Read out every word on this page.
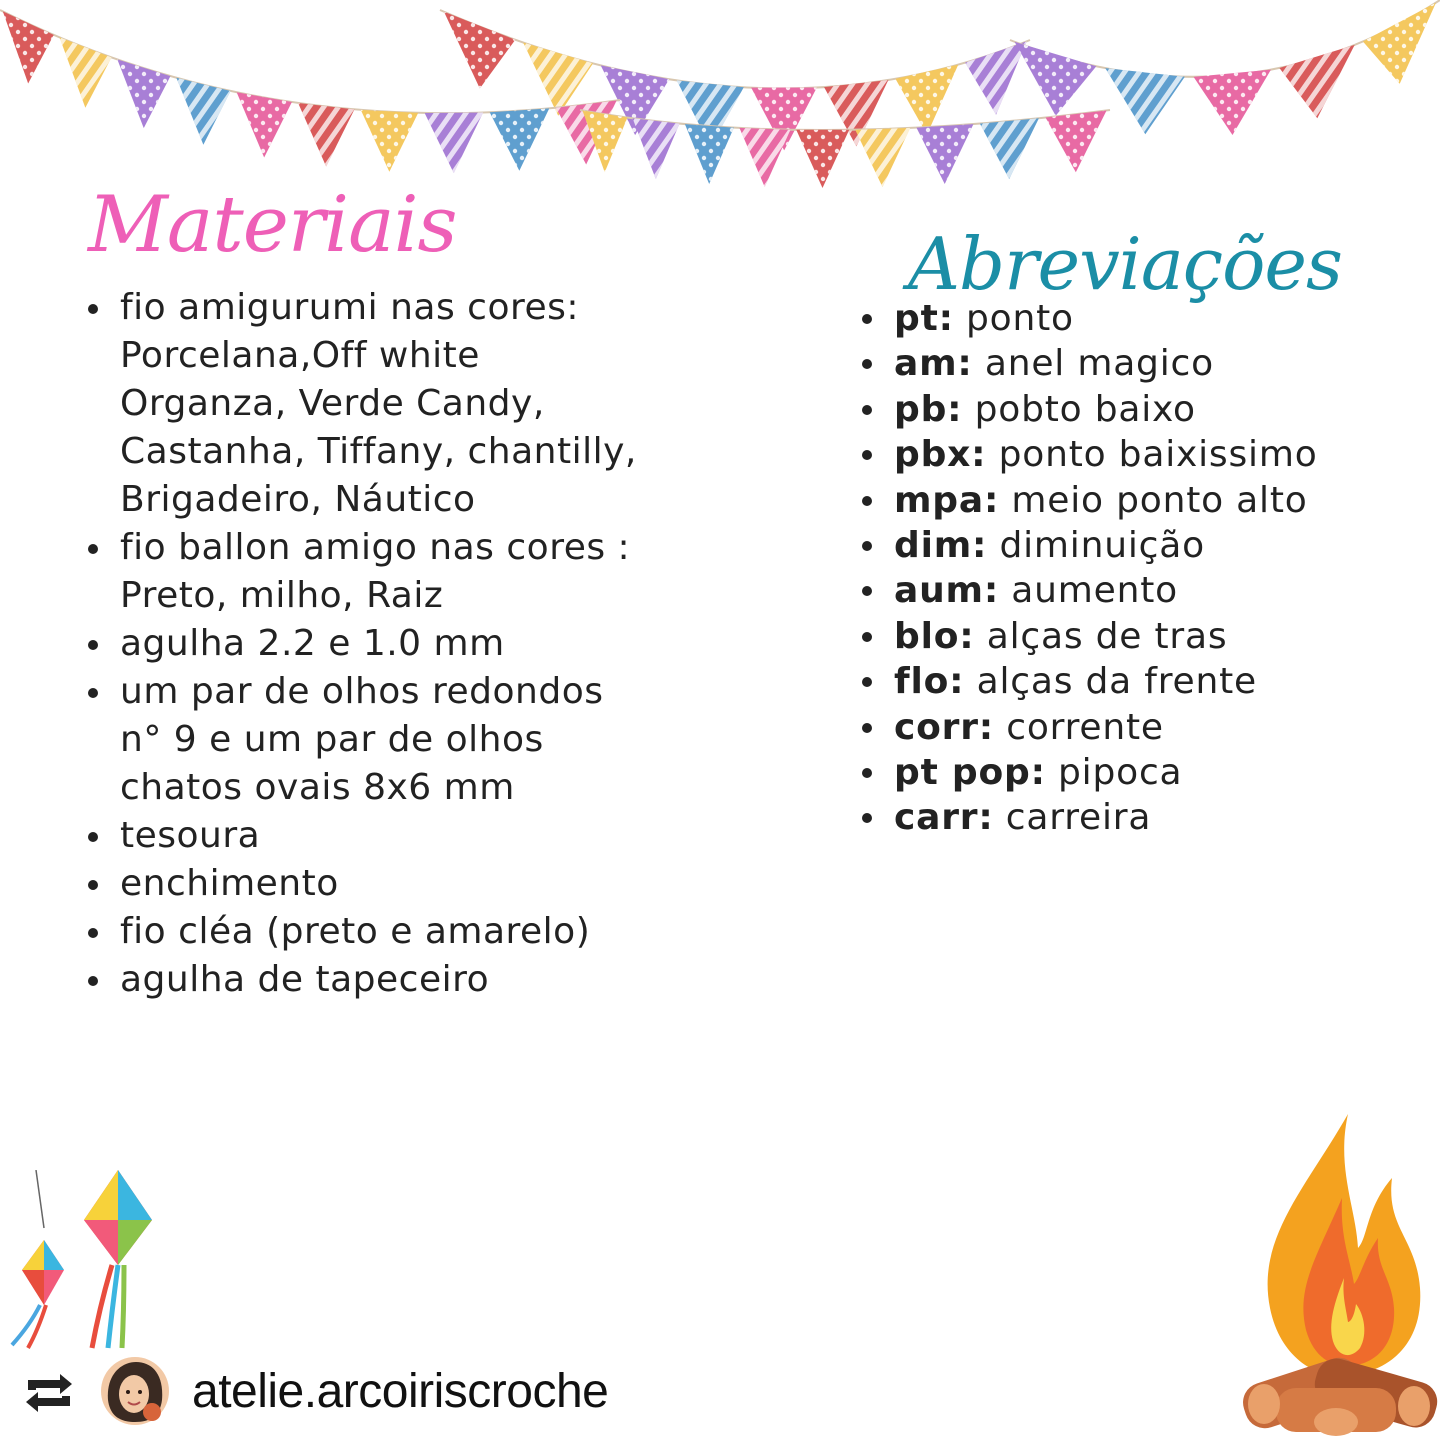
Materiais
fio amigurumi nas cores: Porcelana,Off white Organza, Verde Candy, Castanha, Tiffany, chantilly, Brigadeiro, Náutico
fio ballon amigo nas cores : Preto, milho, Raiz
agulha 2.2 e 1.0 mm
um par de olhos redondos n° 9 e um par de olhos chatos ovais 8x6 mm
tesoura
enchimento
fio cléa (preto e amarelo)
agulha de tapeceiro
Abreviações
pt: ponto
am: anel magico
pb: pobto baixo
pbx: ponto baixissimo
mpa: meio ponto alto
dim: diminuição
aum: aumento
blo: alças de tras
flo: alças da frente
corr: corrente
pt pop: pipoca
carr: carreira
atelie.arcoiriscroche
